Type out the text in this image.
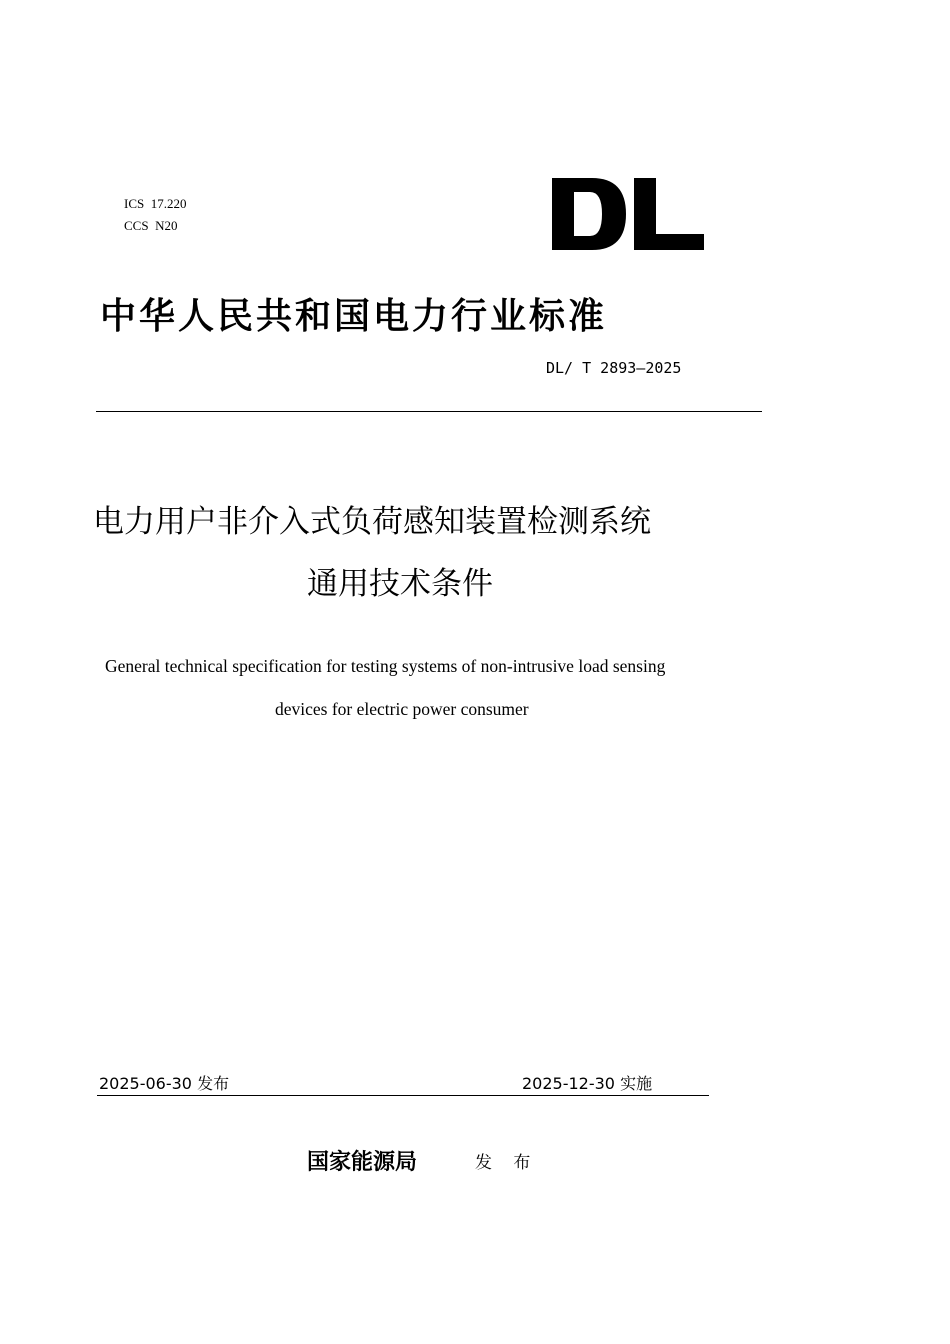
ICS  17.220
CCS  N20
中华人民共和国电力行业标准
DL/ T 2893—2025
电力用户非介入式负荷感知装置检测系统
通用技术条件
General technical specification for testing systems of non-intrusive load sensing
devices for electric power consumer
2025-06-30 发布	2025-12-30 实施
国家能源局	发 布
